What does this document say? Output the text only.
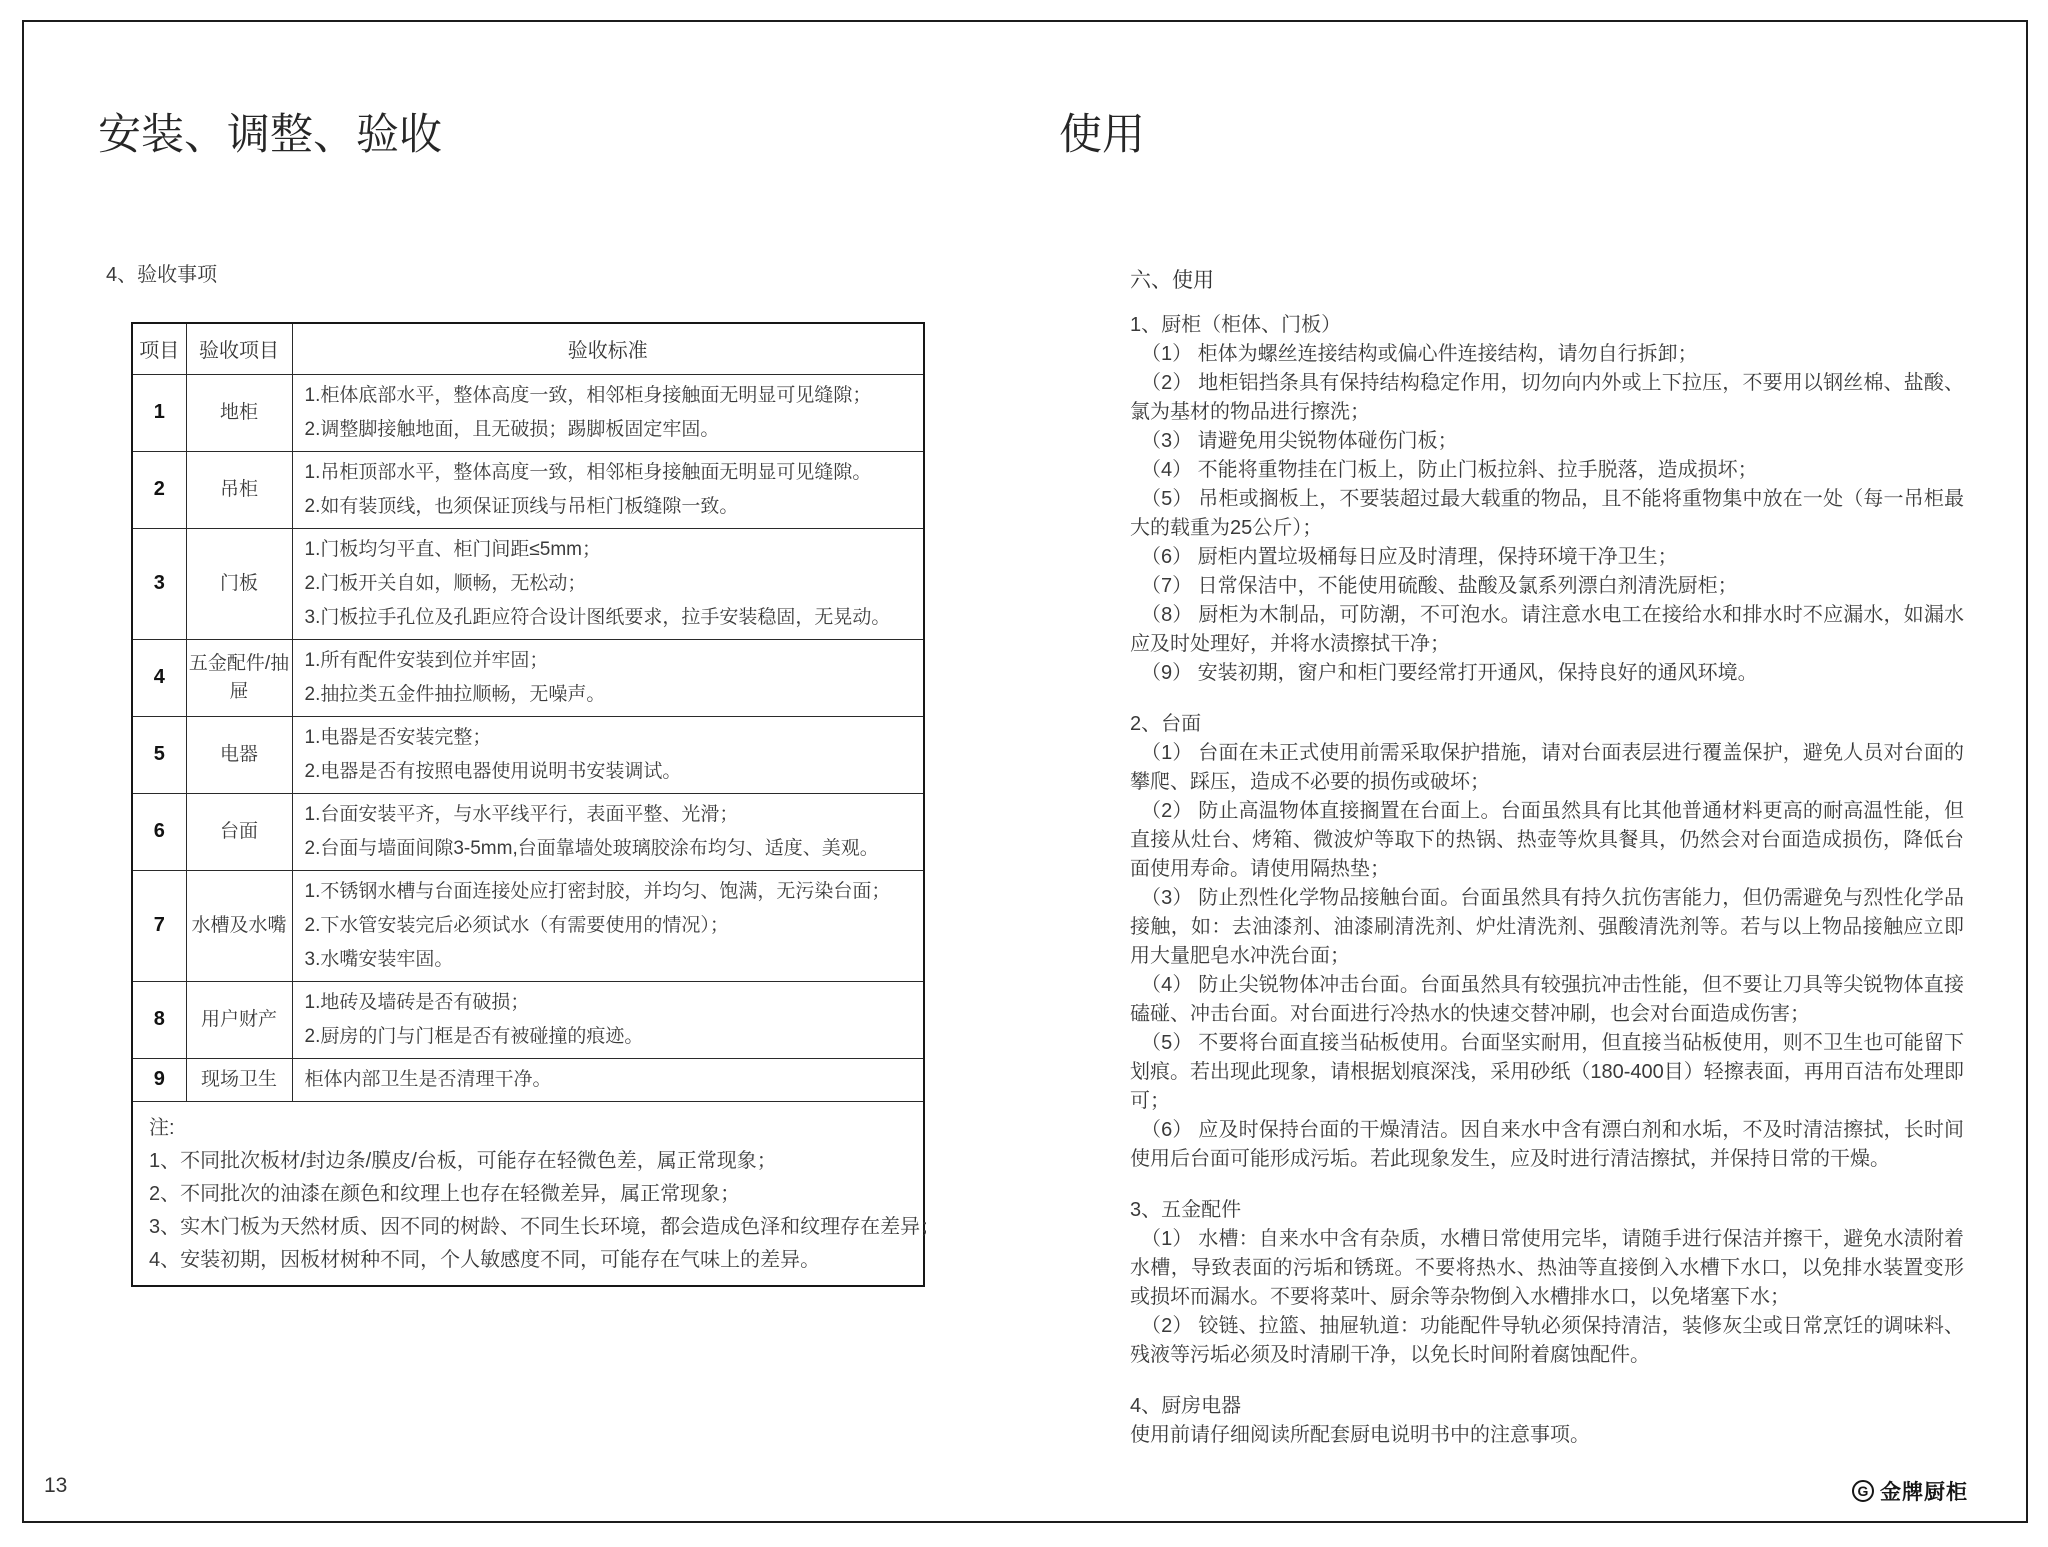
安装、调整、验收
4、验收事项
项目	验收项目	验收标准
1	地柜	1.柜体底部水平，整体高度一致，相邻柜身接触面无明显可见缝隙；
2.调整脚接触地面，且无破损；踢脚板固定牢固。

2	吊柜	1.吊柜顶部水平，整体高度一致，相邻柜身接触面无明显可见缝隙。
2.如有装顶线，也须保证顶线与吊柜门板缝隙一致。

3	门板	1.门板均匀平直、柜门间距≤5mm；
2.门板开关自如，顺畅，无松动；
3.门板拉手孔位及孔距应符合设计图纸要求，拉手安装稳固，无晃动。

4	五金配件/抽屉	1.所有配件安装到位并牢固；
2.抽拉类五金件抽拉顺畅，无噪声。

5	电器	1.电器是否安装完整；
2.电器是否有按照电器使用说明书安装调试。

6	台面	1.台面安装平齐，与水平线平行，表面平整、光滑；
2.台面与墙面间隙3-5mm,台面靠墙处玻璃胶涂布均匀、适度、美观。

7	水槽及水嘴	1.不锈钢水槽与台面连接处应打密封胶，并均匀、饱满，无污染台面；
2.下水管安装完后必须试水（有需要使用的情况）；
3.水嘴安装牢固。

8	用户财产	1.地砖及墙砖是否有破损；
2.厨房的门与门框是否有被碰撞的痕迹。

9	现场卫生	柜体内部卫生是否清理干净。

注:
1、不同批次板材/封边条/膜皮/台板，可能存在轻微色差，属正常现象；
2、不同批次的油漆在颜色和纹理上也存在轻微差异，属正常现象；
3、实木门板为天然材质、因不同的树龄、不同生长环境，都会造成色泽和纹理存在差异；
4、安装初期，因板材树种不同，个人敏感度不同，可能存在气味上的差异。		
使用
六、使用
1、厨柜（柜体、门板）

（1） 柜体为螺丝连接结构或偏心件连接结构，请勿自行拆卸；

（2） 地柜铝挡条具有保持结构稳定作用，切勿向内外或上下拉压，不要用以钢丝棉、盐酸、氯为基材的物品进行擦洗；

（3） 请避免用尖锐物体碰伤门板；

（4） 不能将重物挂在门板上，防止门板拉斜、拉手脱落，造成损坏；

（5） 吊柜或搁板上，不要装超过最大载重的物品，且不能将重物集中放在一处（每一吊柜最大的载重为25公斤）；

（6） 厨柜内置垃圾桶每日应及时清理，保持环境干净卫生；

（7） 日常保洁中，不能使用硫酸、盐酸及氯系列漂白剂清洗厨柜；

（8） 厨柜为木制品，可防潮，不可泡水。请注意水电工在接给水和排水时不应漏水，如漏水应及时处理好，并将水渍擦拭干净；

（9） 安装初期，窗户和柜门要经常打开通风，保持良好的通风环境。

2、台面

（1） 台面在未正式使用前需采取保护措施，请对台面表层进行覆盖保护，避免人员对台面的攀爬、踩压，造成不必要的损伤或破坏；

（2） 防止高温物体直接搁置在台面上。台面虽然具有比其他普通材料更高的耐高温性能，但直接从灶台、烤箱、微波炉等取下的热锅、热壶等炊具餐具，仍然会对台面造成损伤，降低台面使用寿命。请使用隔热垫；

（3） 防止烈性化学物品接触台面。台面虽然具有持久抗伤害能力，但仍需避免与烈性化学品接触，如：去油漆剂、油漆刷清洗剂、炉灶清洗剂、强酸清洗剂等。若与以上物品接触应立即用大量肥皂水冲洗台面；

（4） 防止尖锐物体冲击台面。台面虽然具有较强抗冲击性能，但不要让刀具等尖锐物体直接磕碰、冲击台面。对台面进行冷热水的快速交替冲刷，也会对台面造成伤害；

（5） 不要将台面直接当砧板使用。台面坚实耐用，但直接当砧板使用，则不卫生也可能留下划痕。若出现此现象，请根据划痕深浅，采用砂纸（180-400目）轻擦表面，再用百洁布处理即可；

（6） 应及时保持台面的干燥清洁。因自来水中含有漂白剂和水垢，不及时清洁擦拭，长时间使用后台面可能形成污垢。若此现象发生，应及时进行清洁擦拭，并保持日常的干燥。

3、五金配件

（1） 水槽：自来水中含有杂质，水槽日常使用完毕，请随手进行保洁并擦干，避免水渍附着水槽，导致表面的污垢和锈斑。不要将热水、热油等直接倒入水槽下水口，以免排水装置变形或损坏而漏水。不要将菜叶、厨余等杂物倒入水槽排水口，以免堵塞下水；

（2） 铰链、拉篮、抽屉轨道：功能配件导轨必须保持清洁，装修灰尘或日常烹饪的调味料、残液等污垢必须及时清刷干净，以免长时间附着腐蚀配件。

4、厨房电器

使用前请仔细阅读所配套厨电说明书中的注意事项。

13	G 金牌厨柜
